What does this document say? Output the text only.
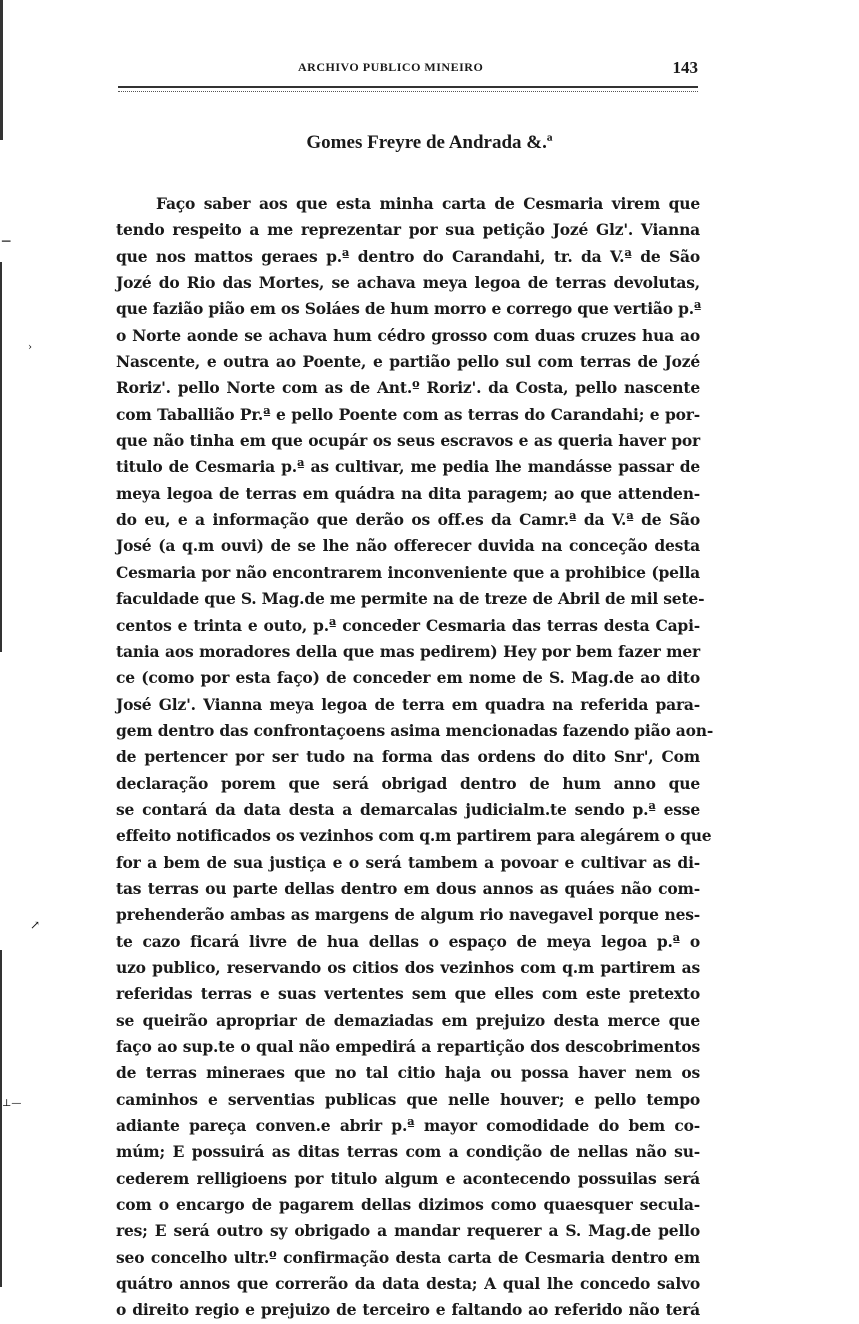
─
›
↗
⊥—
ARCHIVO PUBLICO MINEIRO	143
Gomes Freyre de Andrada &.ª
Faço saber aos que esta minha carta de Cesmaria virem que
tendo respeito a me reprezentar por sua petição Jozé Glz'. Vianna
que nos mattos geraes p.ª dentro do Carandahi, tr. da V.ª de São
Jozé do Rio das Mortes, se achava meya legoa de terras devolutas,
que fazião pião em os Soláes de hum morro e corrego que vertião p.ª
o Norte aonde se achava hum cédro grosso com duas cruzes hua ao
Nascente, e outra ao Poente, e partião pello sul com terras de Jozé
Roriz'. pello Norte com as de Ant.º Roriz'. da Costa, pello nascente
com Taballião Pr.ª e pello Poente com as terras do Carandahi; e por-
que não tinha em que ocupár os seus escravos e as queria haver por
titulo de Cesmaria p.ª as cultivar, me pedia lhe mandásse passar de
meya legoa de terras em quádra na dita paragem; ao que attenden-
do eu, e a informação que derão os off.es da Camr.ª da V.ª de São
José (a q.m ouvi) de se lhe não offerecer duvida na conceção desta
Cesmaria por não encontrarem inconveniente que a prohibice (pella
faculdade que S. Mag.de me permite na de treze de Abril de mil sete-
centos e trinta e outo, p.ª conceder Cesmaria das terras desta Capi-
tania aos moradores della que mas pedirem) Hey por bem fazer mer
ce (como por esta faço) de conceder em nome de S. Mag.de ao dito
José Glz'. Vianna meya legoa de terra em quadra na referida para-
gem dentro das confrontaçoens asima mencionadas fazendo pião aon-
de pertencer por ser tudo na forma das ordens do dito Snr', Com
declaração porem que será obrigad dentro de hum anno que
se contará da data desta a demarcalas judicialm.te sendo p.ª esse
effeito notificados os vezinhos com q.m partirem para alegárem o que
for a bem de sua justiça e o será tambem a povoar e cultivar as di-
tas terras ou parte dellas dentro em dous annos as quáes não com-
prehenderão ambas as margens de algum rio navegavel porque nes-
te cazo ficará livre de hua dellas o espaço de meya legoa p.ª o
uzo publico, reservando os citios dos vezinhos com q.m partirem as
referidas terras e suas vertentes sem que elles com este pretexto
se queirão apropriar de demaziadas em prejuizo desta merce que
faço ao sup.te o qual não empedirá a repartição dos descobrimentos
de terras mineraes que no tal citio haja ou possa haver nem os
caminhos e serventias publicas que nelle houver; e pello tempo
adiante pareça conven.e abrir p.ª mayor comodidade do bem co-
múm; E possuirá as ditas terras com a condição de nellas não su-
cederem relligioens por titulo algum e acontecendo possuilas será
com o encargo de pagarem dellas dizimos como quaesquer secula-
res; E será outro sy obrigado a mandar requerer a S. Mag.de pello
seo concelho ultr.º confirmação desta carta de Cesmaria dentro em
quátro annos que correrão da data desta; A qual lhe concedo salvo
o direito regio e prejuizo de terceiro e faltando ao referido não terá
